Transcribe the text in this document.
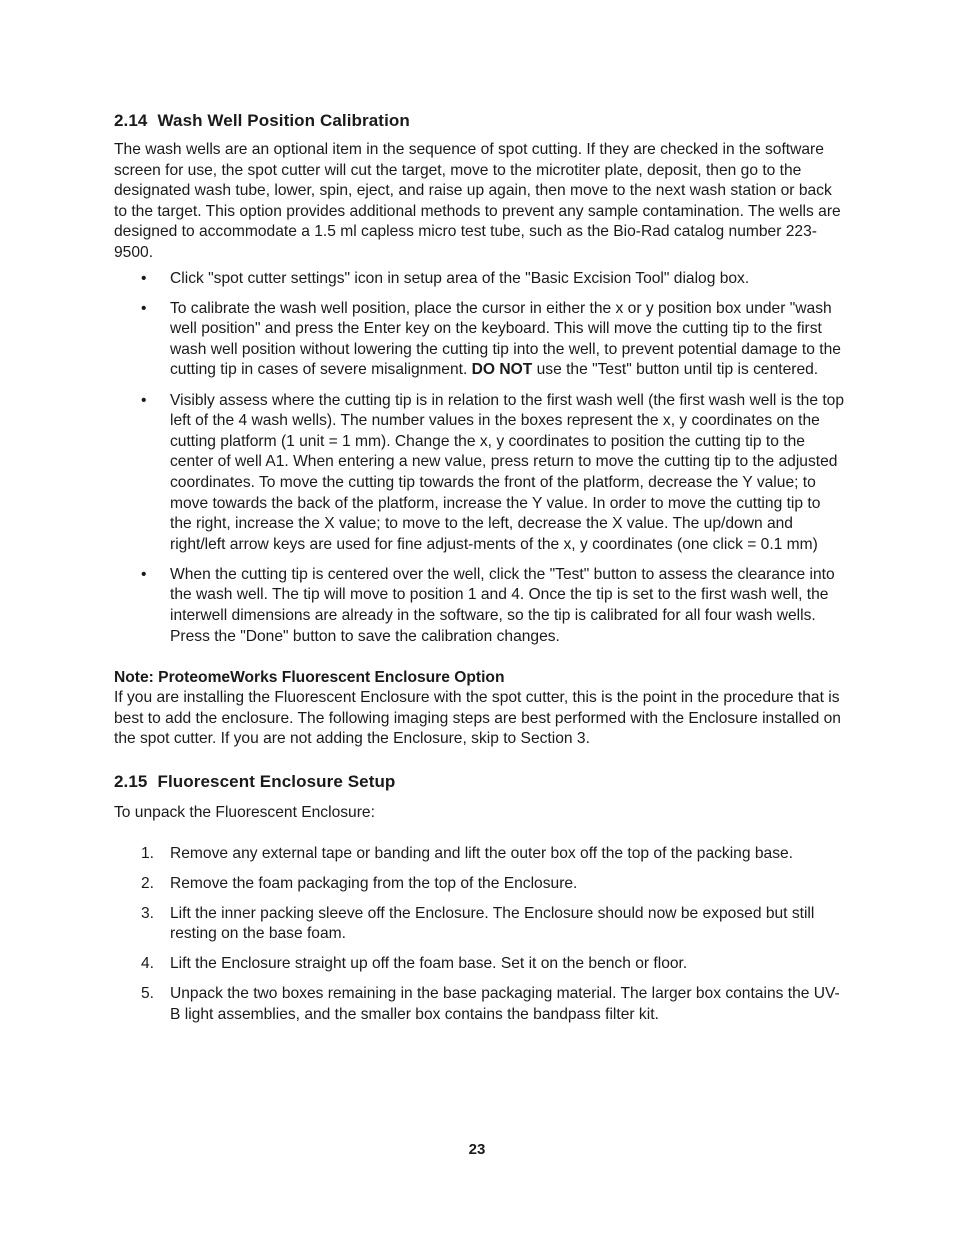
2.14 Wash Well Position Calibration

The wash wells are an optional item in the sequence of spot cutting. If they are checked in the software screen for use, the spot cutter will cut the target, move to the microtiter plate, deposit, then go to the designated wash tube, lower, spin, eject, and raise up again, then move to the next wash station or back to the target. This option provides additional methods to prevent any sample contamination. The wells are designed to accommodate a 1.5 ml capless micro test tube, such as the Bio-Rad catalog number 223-9500.

• Click "spot cutter settings" icon in setup area of the "Basic Excision Tool" dialog box.
• To calibrate the wash well position, place the cursor in either the x or y position box under "wash well position" and press the Enter key on the keyboard. This will move the cutting tip to the first wash well position without lowering the cutting tip into the well, to prevent potential damage to the cutting tip in cases of severe misalignment. DO NOT use the "Test" button until tip is centered.
• Visibly assess where the cutting tip is in relation to the first wash well (the first wash well is the top left of the 4 wash wells). The number values in the boxes represent the x, y coordinates on the cutting platform (1 unit = 1 mm). Change the x, y coordinates to position the cutting tip to the center of well A1. When entering a new value, press return to move the cutting tip to the adjusted coordinates. To move the cutting tip towards the front of the platform, decrease the Y value; to move towards the back of the platform, increase the Y value. In order to move the cutting tip to the right, increase the X value; to move to the left, decrease the X value. The up/down and right/left arrow keys are used for fine adjust-ments of the x, y coordinates (one click = 0.1 mm)
• When the cutting tip is centered over the well, click the "Test" button to assess the clearance into the wash well. The tip will move to position 1 and 4. Once the tip is set to the first wash well, the interwell dimensions are already in the software, so the tip is calibrated for all four wash wells. Press the "Done" button to save the calibration changes.
Note: ProteomeWorks Fluorescent Enclosure Option

If you are installing the Fluorescent Enclosure with the spot cutter, this is the point in the procedure that is best to add the enclosure. The following imaging steps are best performed with the Enclosure installed on the spot cutter. If you are not adding the Enclosure, skip to Section 3.

2.15 Fluorescent Enclosure Setup

To unpack the Fluorescent Enclosure:

1. Remove any external tape or banding and lift the outer box off the top of the packing base.
2. Remove the foam packaging from the top of the Enclosure.
3. Lift the inner packing sleeve off the Enclosure. The Enclosure should now be exposed but still resting on the base foam.
4. Lift the Enclosure straight up off the foam base. Set it on the bench or floor.
5. Unpack the two boxes remaining in the base packaging material. The larger box contains the UV-B light assemblies, and the smaller box contains the bandpass filter kit.
23
